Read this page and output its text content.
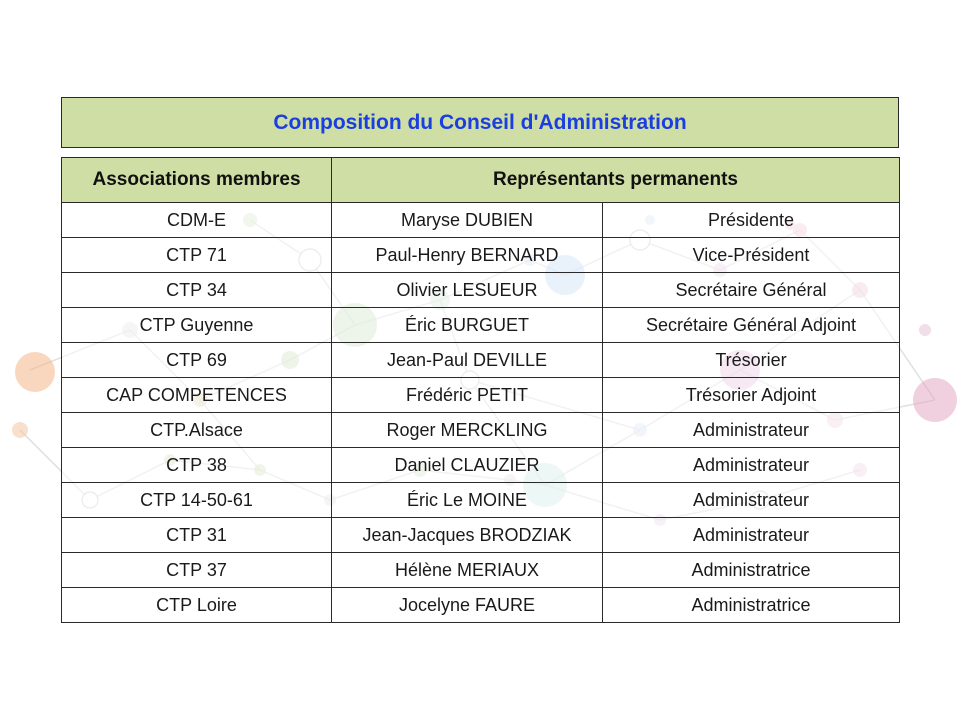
Composition du Conseil d'Administration
Associations membres	Représentants permanents	
CDM-E	Maryse DUBIEN	Présidente
CTP 71	Paul-Henry BERNARD	Vice-Président
CTP 34	Olivier LESUEUR	Secrétaire Général
CTP Guyenne	Éric BURGUET	Secrétaire Général Adjoint
CTP 69	Jean-Paul DEVILLE	Trésorier
CAP COMPETENCES	Frédéric PETIT	Trésorier Adjoint
CTP.Alsace	Roger MERCKLING	Administrateur
CTP 38	Daniel CLAUZIER	Administrateur
CTP 14-50-61	Éric Le MOINE	Administrateur
CTP 31	Jean-Jacques BRODZIAK	Administrateur
CTP 37	Hélène MERIAUX	Administratrice
CTP Loire	Jocelyne FAURE	Administratrice
